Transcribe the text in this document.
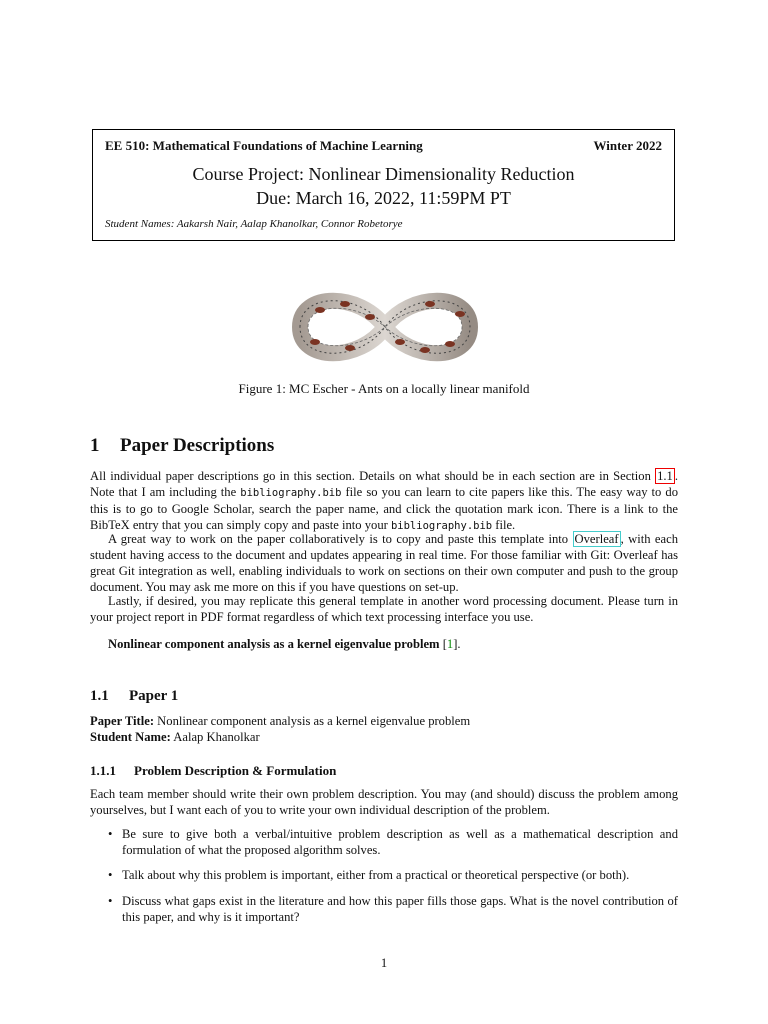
EE 510: Mathematical Foundations of Machine Learning	Winter 2022
Course Project: Nonlinear Dimensionality Reduction
Due: March 16, 2022, 11:59PM PT
Student Names: Aakarsh Nair, Aalap Khanolkar, Connor Robetorye
Figure 1: MC Escher - Ants on a locally linear manifold
1 Paper Descriptions
All individual paper descriptions go in this section. Details on what should be in each section are in Section 1.1 . Note that I am including the bibliography.bib file so you can learn to cite papers like this. The easy way to do this is to go to Google Scholar, search the paper name, and click the quotation mark icon. There is a link to the BibTeX entry that you can simply copy and paste into your bibliography.bib file.
A great way to work on the paper collaboratively is to copy and paste this template into Overleaf , with each student having access to the document and updates appearing in real time. For those familiar with Git: Overleaf has great Git integration as well, enabling individuals to work on sections on their own computer and push to the group document. You may ask me more on this if you have questions on set-up.
Lastly, if desired, you may replicate this general template in another word processing document. Please turn in your project report in PDF format regardless of which text processing interface you use.
Nonlinear component analysis as a kernel eigenvalue problem [1].
1.1 Paper 1
Paper Title: Nonlinear component analysis as a kernel eigenvalue problem
Student Name: Aalap Khanolkar
1.1.1 Problem Description & Formulation
Each team member should write their own problem description. You may (and should) discuss the problem among yourselves, but I want each of you to write your own individual description of the problem.
• Be sure to give both a verbal/intuitive problem description as well as a mathematical description and formulation of what the proposed algorithm solves.
• Talk about why this problem is important, either from a practical or theoretical perspective (or both).
• Discuss what gaps exist in the literature and how this paper fills those gaps. What is the novel contribution of this paper, and why is it important?
1
